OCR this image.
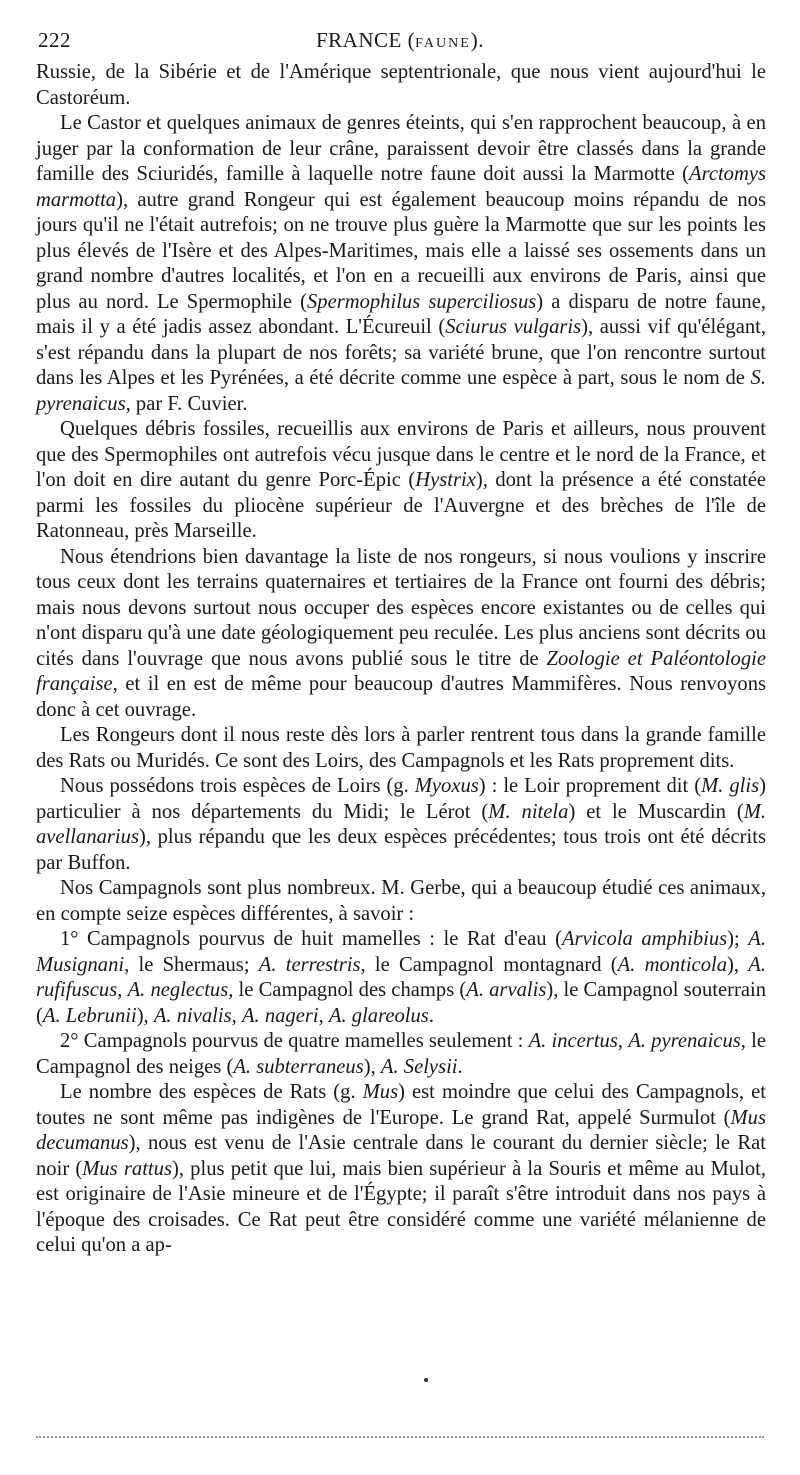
222	FRANCE (FAUNE).

Russie, de la Sibérie et de l'Amérique septentrionale, que nous vient aujourd'hui le Castoréum.

Le Castor et quelques animaux de genres éteints, qui s'en rapprochent beaucoup, à en juger par la conformation de leur crâne, paraissent devoir être classés dans la grande famille des Sciuridés, famille à laquelle notre faune doit aussi la Marmotte (Arctomys marmotta), autre grand Rongeur qui est également beaucoup moins répandu de nos jours qu'il ne l'était autrefois; on ne trouve plus guère la Marmotte que sur les points les plus élevés de l'Isère et des Alpes-Maritimes, mais elle a laissé ses ossements dans un grand nombre d'autres localités, et l'on en a recueilli aux environs de Paris, ainsi que plus au nord. Le Spermophile (Spermophilus superciliosus) a disparu de notre faune, mais il y a été jadis assez abondant. L'Écureuil (Sciurus vulgaris), aussi vif qu'élégant, s'est répandu dans la plupart de nos forêts; sa variété brune, que l'on rencontre surtout dans les Alpes et les Pyrénées, a été décrite comme une espèce à part, sous le nom de S. pyrenaicus, par F. Cuvier.

Quelques débris fossiles, recueillis aux environs de Paris et ailleurs, nous prouvent que des Spermophiles ont autrefois vécu jusque dans le centre et le nord de la France, et l'on doit en dire autant du genre Porc-Épic (Hystrix), dont la présence a été constatée parmi les fossiles du pliocène supérieur de l'Auvergne et des brèches de l'île de Ratonneau, près Marseille.

Nous étendrions bien davantage la liste de nos rongeurs, si nous voulions y inscrire tous ceux dont les terrains quaternaires et tertiaires de la France ont fourni des débris; mais nous devons surtout nous occuper des espèces encore existantes ou de celles qui n'ont disparu qu'à une date géologiquement peu reculée. Les plus anciens sont décrits ou cités dans l'ouvrage que nous avons publié sous le titre de Zoologie et Paléontologie française, et il en est de même pour beaucoup d'autres Mammifères. Nous renvoyons donc à cet ouvrage.

Les Rongeurs dont il nous reste dès lors à parler rentrent tous dans la grande famille des Rats ou Muridés. Ce sont des Loirs, des Campagnols et les Rats proprement dits.

Nous possédons trois espèces de Loirs (g. Myoxus) : le Loir proprement dit (M. glis) particulier à nos départements du Midi; le Lérot (M. nitela) et le Muscardin (M. avellanarius), plus répandu que les deux espèces précédentes; tous trois ont été décrits par Buffon.

Nos Campagnols sont plus nombreux. M. Gerbe, qui a beaucoup étudié ces animaux, en compte seize espèces différentes, à savoir :

1° Campagnols pourvus de huit mamelles : le Rat d'eau (Arvicola amphibius); A. Musignani, le Shermaus; A. terrestris, le Campagnol montagnard (A. monticola), A. rufifuscus, A. neglectus, le Campagnol des champs (A. arvalis), le Campagnol souterrain (A. Lebrunii), A. nivalis, A. nageri, A. glareolus.

2° Campagnols pourvus de quatre mamelles seulement : A. incertus, A. pyrenaicus, le Campagnol des neiges (A. subterraneus), A. Selysii.

Le nombre des espèces de Rats (g. Mus) est moindre que celui des Campagnols, et toutes ne sont même pas indigènes de l'Europe. Le grand Rat, appelé Surmulot (Mus decumanus), nous est venu de l'Asie centrale dans le courant du dernier siècle; le Rat noir (Mus rattus), plus petit que lui, mais bien supérieur à la Souris et même au Mulot, est originaire de l'Asie mineure et de l'Égypte; il paraît s'être introduit dans nos pays à l'époque des croisades. Ce Rat peut être considéré comme une variété mélanienne de celui qu'on a ap-
